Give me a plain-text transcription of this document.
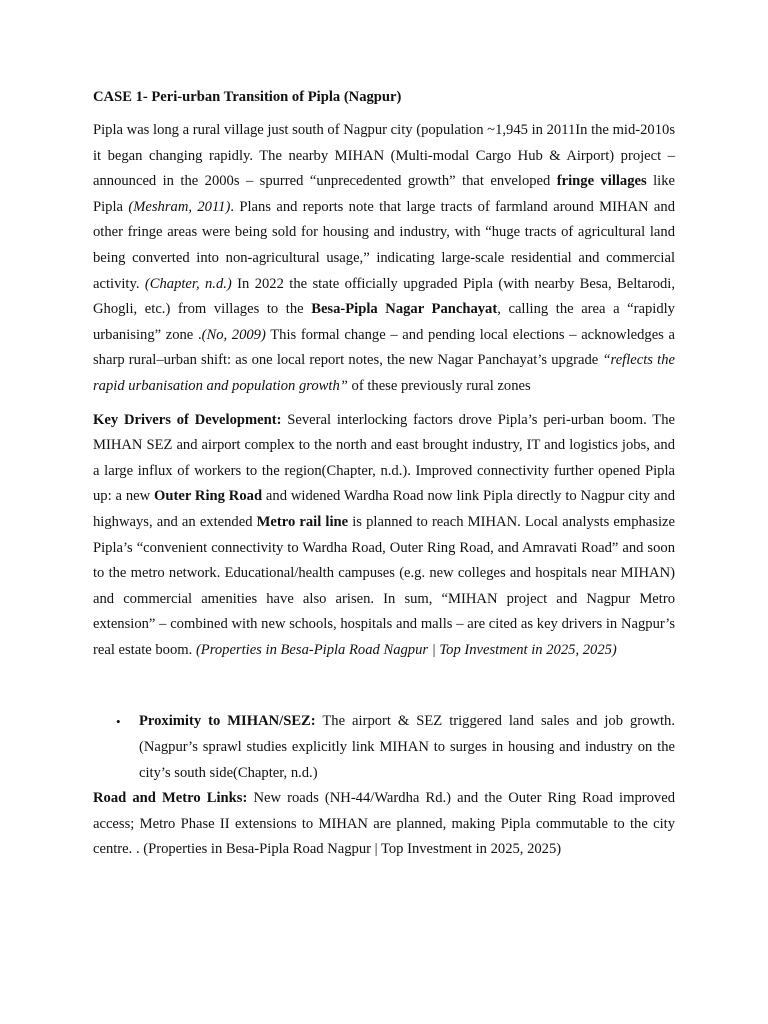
CASE 1- Peri-urban Transition of Pipla (Nagpur)

Pipla was long a rural village just south of Nagpur city (population ~1,945 in 2011In the mid-2010s it began changing rapidly. The nearby MIHAN (Multi-modal Cargo Hub & Airport) project – announced in the 2000s – spurred “unprecedented growth” that enveloped fringe villages like Pipla (Meshram, 2011). Plans and reports note that large tracts of farmland around MIHAN and other fringe areas were being sold for housing and industry, with “huge tracts of agricultural land being converted into non-agricultural usage,” indicating large-scale residential and commercial activity. (Chapter, n.d.) In 2022 the state officially upgraded Pipla (with nearby Besa, Beltarodi, Ghogli, etc.) from villages to the Besa-Pipla Nagar Panchayat, calling the area a “rapidly urbanising” zone .(No, 2009) This formal change – and pending local elections – acknowledges a sharp rural–urban shift: as one local report notes, the new Nagar Panchayat’s upgrade “reflects the rapid urbanisation and population growth” of these previously rural zones

Key Drivers of Development: Several interlocking factors drove Pipla’s peri-urban boom. The MIHAN SEZ and airport complex to the north and east brought industry, IT and logistics jobs, and a large influx of workers to the region(Chapter, n.d.). Improved connectivity further opened Pipla up: a new Outer Ring Road and widened Wardha Road now link Pipla directly to Nagpur city and highways, and an extended Metro rail line is planned to reach MIHAN. Local analysts emphasize Pipla’s “convenient connectivity to Wardha Road, Outer Ring Road, and Amravati Road” and soon to the metro network. Educational/health campuses (e.g. new colleges and hospitals near MIHAN) and commercial amenities have also arisen. In sum, “MIHAN project and Nagpur Metro extension” – combined with new schools, hospitals and malls – are cited as key drivers in Nagpur’s real estate boom. (Properties in Besa-Pipla Road Nagpur | Top Investment in 2025, 2025)

• Proximity to MIHAN/SEZ: The airport & SEZ triggered land sales and job growth. (Nagpur’s sprawl studies explicitly link MIHAN to surges in housing and industry on the city’s south side(Chapter, n.d.)

Road and Metro Links: New roads (NH-44/Wardha Rd.) and the Outer Ring Road improved access; Metro Phase II extensions to MIHAN are planned, making Pipla commutable to the city centre. . (Properties in Besa-Pipla Road Nagpur | Top Investment in 2025, 2025)
